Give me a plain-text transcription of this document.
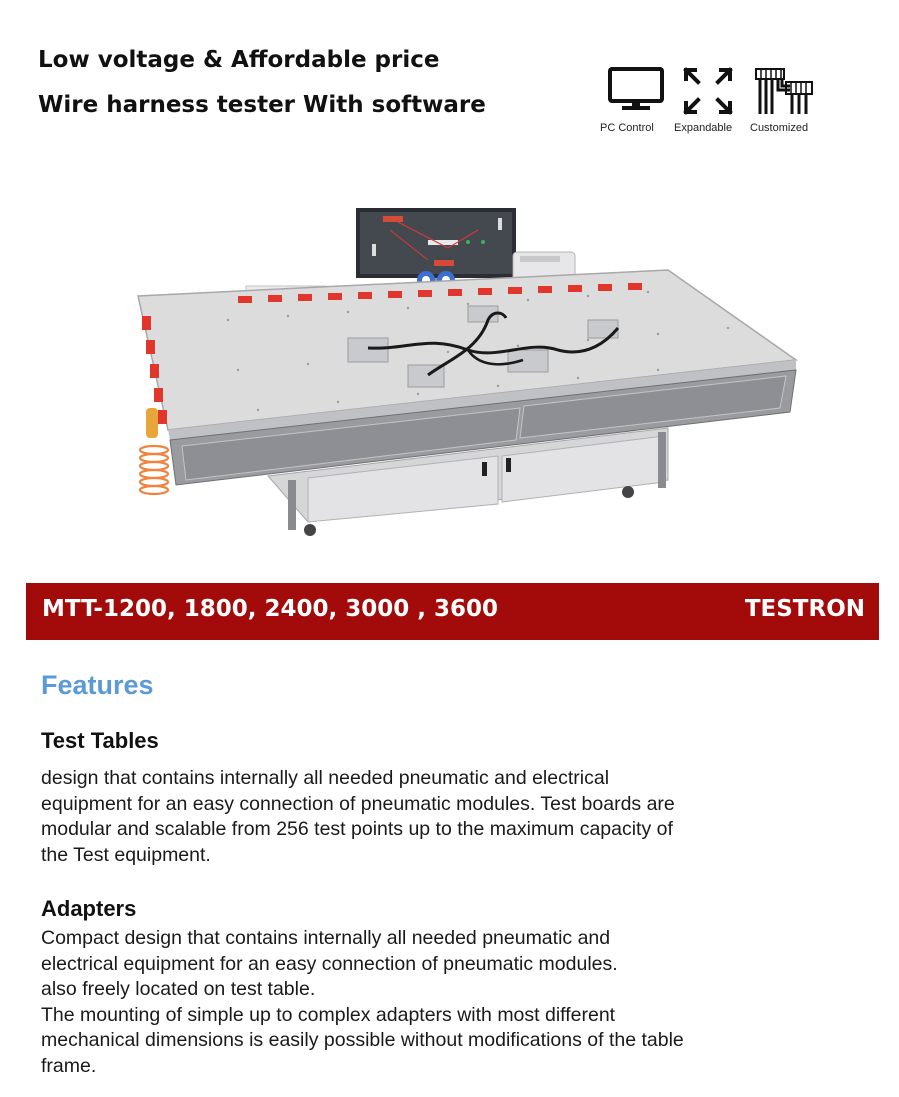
Low voltage & Affordable price
Wire harness tester With software
PC Control Expandable Customized
MTT-1200, 1800, 2400, 3000 , 3600	TESTRON
Features
Test Tables
design that contains internally all needed pneumatic and electrical
equipment for an easy connection of pneumatic modules. Test boards are
modular and scalable from 256 test points up to the maximum capacity of
the Test equipment.
Adapters
Compact design that contains internally all needed pneumatic and
electrical equipment for an easy connection of pneumatic modules.
also freely located on test table.
The mounting of simple up to complex adapters with most different
mechanical dimensions is easily possible without modifications of the table
frame.
